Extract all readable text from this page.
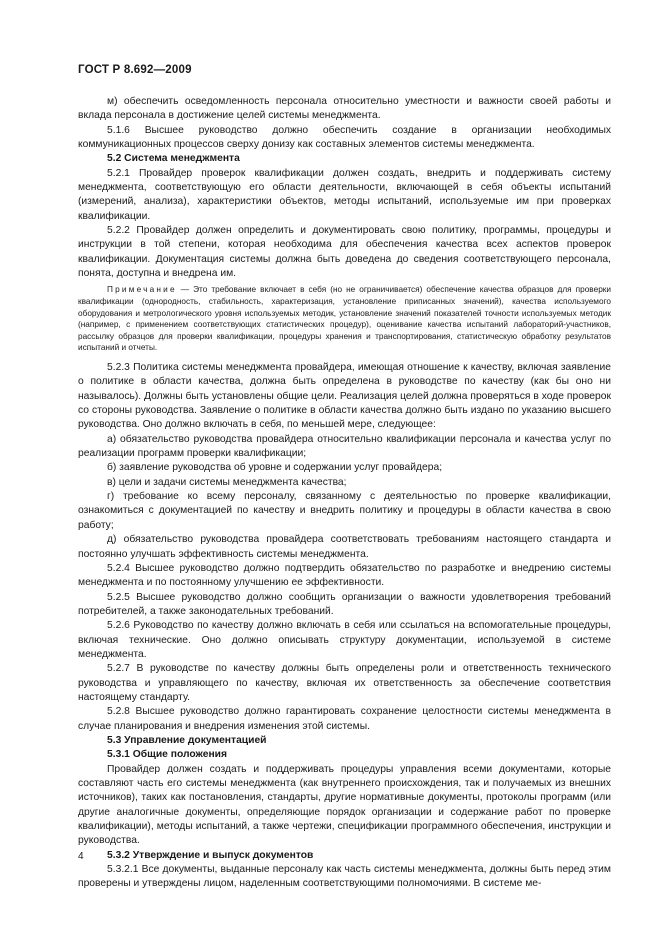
ГОСТ Р 8.692—2009

м) обеспечить осведомленность персонала относительно уместности и важности своей работы и вклада персонала в достижение целей системы менеджмента.

5.1.6 Высшее руководство должно обеспечить создание в организации необходимых коммуникационных процессов сверху донизу как составных элементов системы менеджмента.

5.2 Система менеджмента

5.2.1 Провайдер проверок квалификации должен создать, внедрить и поддерживать систему менеджмента, соответствующую его области деятельности, включающей в себя объекты испытаний (измерений, анализа), характеристики объектов, методы испытаний, используемые им при проверках квалификации.

5.2.2 Провайдер должен определить и документировать свою политику, программы, процедуры и инструкции в той степени, которая необходима для обеспечения качества всех аспектов проверок квалификации. Документация системы должна быть доведена до сведения соответствующего персонала, понята, доступна и внедрена им.

Примечание — Это требование включает в себя (но не ограничивается) обеспечение качества образцов для проверки квалификации (однородность, стабильность, характеризация, установление приписанных значений), качества используемого оборудования и метрологического уровня используемых методик, установление значений показателей точности используемых методик (например, с применением соответствующих статистических процедур), оценивание качества испытаний лабораторий-участников, рассылку образцов для проверки квалификации, процедуры хранения и транспортирования, статистическую обработку результатов испытаний и отчеты.

5.2.3 Политика системы менеджмента провайдера, имеющая отношение к качеству, включая заявление о политике в области качества, должна быть определена в руководстве по качеству (как бы оно ни называлось). Должны быть установлены общие цели. Реализация целей должна проверяться в ходе проверок со стороны руководства. Заявление о политике в области качества должно быть издано по указанию высшего руководства. Оно должно включать в себя, по меньшей мере, следующее:

а) обязательство руководства провайдера относительно квалификации персонала и качества услуг по реализации программ проверки квалификации;

б) заявление руководства об уровне и содержании услуг провайдера;

в) цели и задачи системы менеджмента качества;

г) требование ко всему персоналу, связанному с деятельностью по проверке квалификации, ознакомиться с документацией по качеству и внедрить политику и процедуры в области качества в свою работу;

д) обязательство руководства провайдера соответствовать требованиям настоящего стандарта и постоянно улучшать эффективность системы менеджмента.

5.2.4 Высшее руководство должно подтвердить обязательство по разработке и внедрению системы менеджмента и по постоянному улучшению ее эффективности.

5.2.5 Высшее руководство должно сообщить организации о важности удовлетворения требований потребителей, а также законодательных требований.

5.2.6 Руководство по качеству должно включать в себя или ссылаться на вспомогательные процедуры, включая технические. Оно должно описывать структуру документации, используемой в системе менеджмента.

5.2.7 В руководстве по качеству должны быть определены роли и ответственность технического руководства и управляющего по качеству, включая их ответственность за обеспечение соответствия настоящему стандарту.

5.2.8 Высшее руководство должно гарантировать сохранение целостности системы менеджмента в случае планирования и внедрения изменения этой системы.

5.3 Управление документацией

5.3.1 Общие положения

Провайдер должен создать и поддерживать процедуры управления всеми документами, которые составляют часть его системы менеджмента (как внутреннего происхождения, так и получаемых из внешних источников), таких как постановления, стандарты, другие нормативные документы, протоколы программ (или другие аналогичные документы, определяющие порядок организации и содержание работ по проверке квалификации), методы испытаний, а также чертежи, спецификации программного обеспечения, инструкции и руководства.

5.3.2 Утверждение и выпуск документов

5.3.2.1 Все документы, выданные персоналу как часть системы менеджмента, должны быть перед этим проверены и утверждены лицом, наделенным соответствующими полномочиями. В системе ме-

4
